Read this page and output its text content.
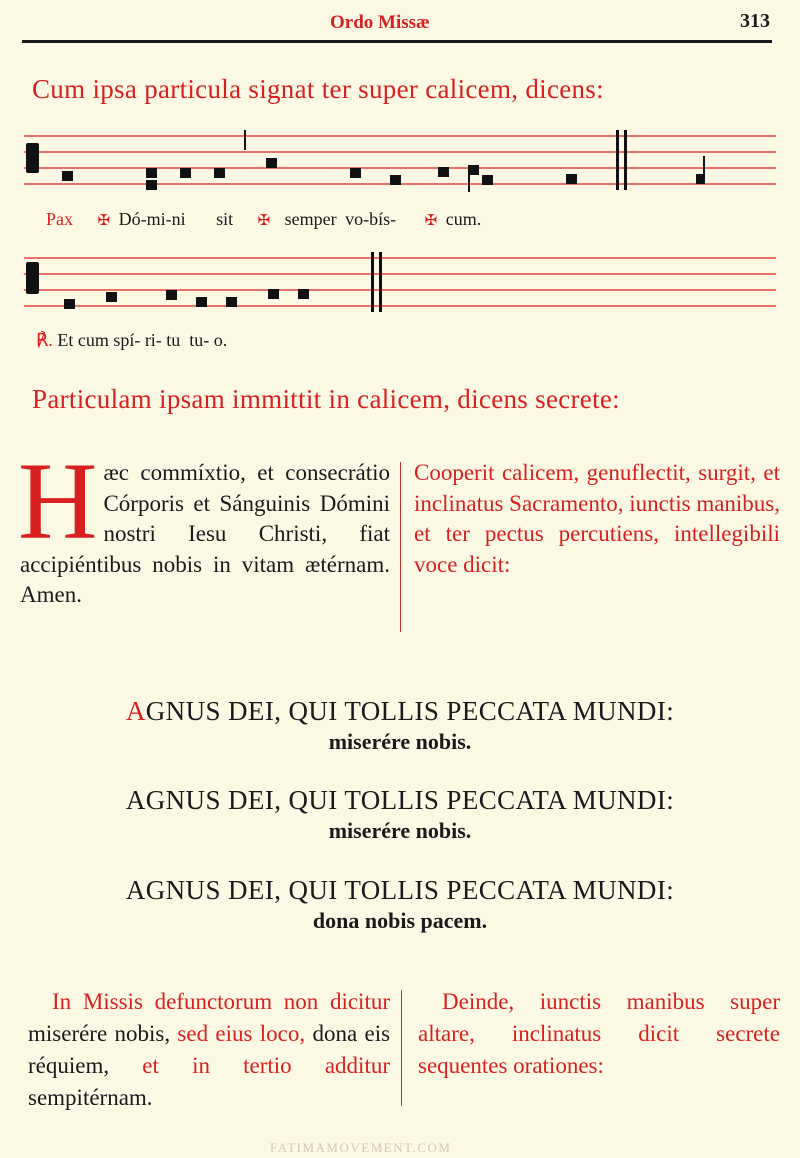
Ordo Missæ	313
Cum ipsa particula signat ter super calicem, dicens:
Pax ✠ Dó-mi-ni sit ✠ semper vo-bís- ✠ cum.
℟. Et cum spí- ri- tu  tu- o.
Particulam ipsam immittit in calicem, dicens secrete:
H æc commíxtio, et consecrátio Córporis et Sánguinis Dómini nostri Iesu Christi, fiat accipiéntibus nobis in vitam ætérnam. Amen.

Cooperit calicem, genuflectit, surgit, et inclinatus Sacramento, iunctis manibus, et ter pectus percutiens, intellegibili voce dicit:

AGNUS DEI, QUI TOLLIS PECCATA MUNDI:
miserére nobis.
AGNUS DEI, QUI TOLLIS PECCATA MUNDI:
miserére nobis.
AGNUS DEI, QUI TOLLIS PECCATA MUNDI:
dona nobis pacem.

In Missis defunctorum non dicitur miserére nobis, sed eius loco, dona eis réquiem, et in tertio additur sempitérnam.

Deinde, iunctis manibus super altare, inclinatus dicit secrete sequentes orationes:

FATIMAMOVEMENT.COM
